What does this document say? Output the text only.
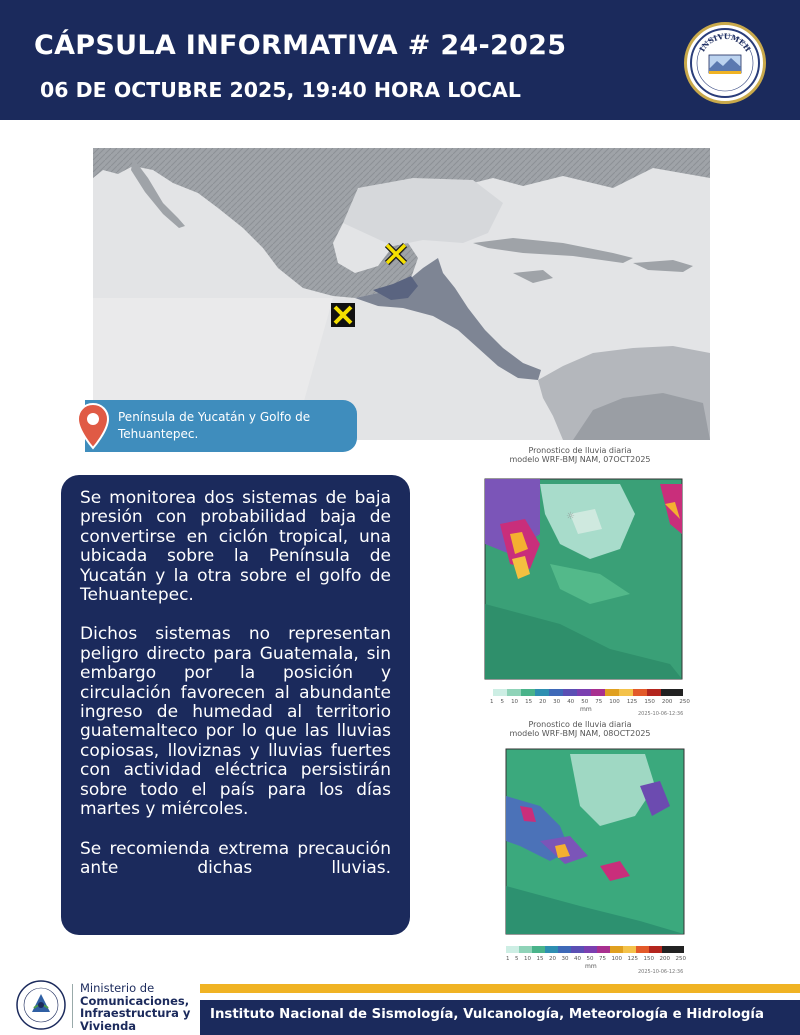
CÁPSULA INFORMATIVA # 24-2025
06 DE OCTUBRE 2025, 19:40 HORA LOCAL
INSIVUMEH
Península de Yucatán y Golfo de Tehuantepec.

Se monitorea dos sistemas de baja presión con probabilidad baja de convertirse en ciclón tropical, una ubicada sobre la Península de Yucatán y la otra sobre el golfo de Tehuantepec.

Dichos sistemas no representan peligro directo para Guatemala, sin embargo por la posición y circulación favorecen al abundante ingreso de humedad al territorio guatemalteco por lo que las lluvias copiosas, lloviznas y lluvias fuertes con actividad eléctrica persistirán sobre todo el país para los días martes y miércoles.

Se recomienda extrema precaución ante dichas lluvias.

Pronostico de lluvia diaria
modelo WRF-BMJ NAM, 07OCT2025
☼
1 5 10 15 20 30 40 50 75 100 125 150 200 250
mm
2025-10-06-12:36
Pronostico de lluvia diaria
modelo WRF-BMJ NAM, 08OCT2025
1 5 10 15 20 30 40 50 75 100 125 150 200 250
mm
2025-10-06-12:36
Ministerio de
Comunicaciones,
Infraestructura y
Vivienda
Instituto Nacional de Sismología, Vulcanología, Meteorología e Hidrología
